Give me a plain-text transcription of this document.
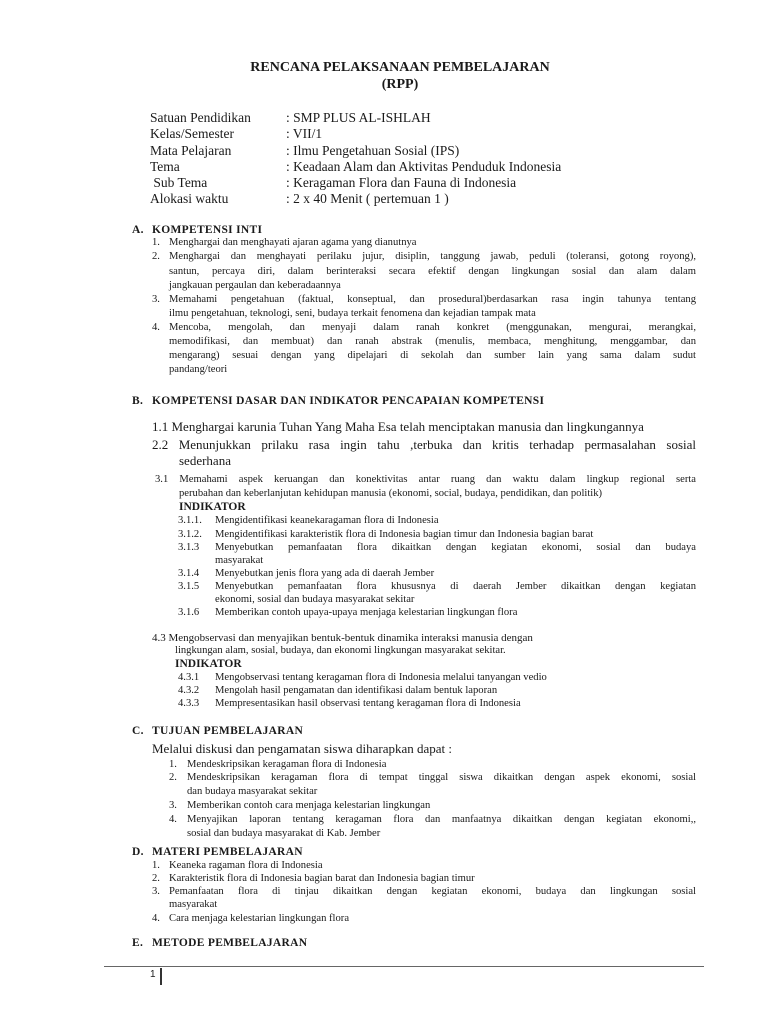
RENCANA PELAKSANAAN PEMBELAJARAN
(RPP)
Satuan Pendidikan	: SMP PLUS AL-ISHLAH
Kelas/Semester	: VII/1
Mata Pelajaran	: Ilmu Pengetahuan Sosial (IPS)
Tema	: Keadaan Alam dan Aktivitas Penduduk Indonesia
Sub Tema	: Keragaman Flora dan Fauna di Indonesia
Alokasi waktu	: 2 x 40 Menit ( pertemuan 1 )
A. KOMPETENSI INTI
1. Menghargai dan menghayati ajaran agama yang dianutnya
2. Menghargai dan menghayati perilaku jujur, disiplin, tanggung jawab, peduli (toleransi, gotong royong),
santun, percaya diri, dalam berinteraksi secara efektif dengan lingkungan sosial dan alam dalam
jangkauan pergaulan dan keberadaannya
3. Memahami pengetahuan (faktual, konseptual, dan prosedural)berdasarkan rasa ingin tahunya tentang
ilmu pengetahuan, teknologi, seni, budaya terkait fenomena dan kejadian tampak mata
4. Mencoba, mengolah, dan menyaji dalam ranah konkret (menggunakan, mengurai, merangkai,
memodifikasi, dan membuat) dan ranah abstrak (menulis, membaca, menghitung, menggambar, dan
mengarang) sesuai dengan yang dipelajari di sekolah dan sumber lain yang sama dalam sudut
pandang/teori
B. KOMPETENSI DASAR DAN INDIKATOR PENCAPAIAN KOMPETENSI
1.1 Menghargai karunia Tuhan Yang Maha Esa telah menciptakan manusia dan lingkungannya
2.2 Menunjukkan prilaku rasa ingin tahu ,terbuka dan kritis terhadap permasalahan sosial
sederhana
3.1 Memahami aspek keruangan dan konektivitas antar ruang dan waktu dalam lingkup regional serta
perubahan dan keberlanjutan kehidupan manusia (ekonomi, social, budaya, pendidikan, dan politik)
INDIKATOR
3.1.1. Mengidentifikasi keanekaragaman flora di Indonesia
3.1.2. Mengidentifikasi karakteristik flora di Indonesia bagian timur dan Indonesia bagian barat
3.1.3 Menyebutkan pemanfaatan flora dikaitkan dengan kegiatan ekonomi, sosial dan budaya
masyarakat
3.1.4 Menyebutkan jenis flora yang ada di daerah Jember
3.1.5 Menyebutkan pemanfaatan flora khususnya di daerah Jember dikaitkan dengan kegiatan
ekonomi, sosial dan budaya masyarakat sekitar
3.1.6 Memberikan contoh upaya-upaya menjaga kelestarian lingkungan flora
4.3 Mengobservasi dan menyajikan bentuk-bentuk dinamika interaksi manusia dengan
lingkungan alam, sosial, budaya, dan ekonomi lingkungan masyarakat sekitar.
INDIKATOR
4.3.1 Mengobservasi tentang keragaman flora di Indonesia melalui tanyangan vedio
4.3.2 Mengolah hasil pengamatan dan identifikasi dalam bentuk laporan
4.3.3 Mempresentasikan hasil observasi tentang keragaman flora di Indonesia
C. TUJUAN PEMBELAJARAN
Melalui diskusi dan pengamatan siswa diharapkan dapat :
1. Mendeskripsikan keragaman flora di Indonesia
2. Mendeskripsikan keragaman flora di tempat tinggal siswa dikaitkan dengan aspek ekonomi, sosial
dan budaya masyarakat sekitar
3. Memberikan contoh cara menjaga kelestarian lingkungan
4. Menyajikan laporan tentang keragaman flora dan manfaatnya dikaitkan dengan kegiatan ekonomi,,
sosial dan budaya masyarakat di Kab. Jember
D. MATERI PEMBELAJARAN
1. Keaneka ragaman flora di Indonesia
2. Karakteristik flora di Indonesia bagian barat dan Indonesia bagian timur
3. Pemanfaatan flora di tinjau dikaitkan dengan kegiatan ekonomi, budaya dan lingkungan sosial
masyarakat
4. Cara menjaga kelestarian lingkungan flora
E. METODE PEMBELAJARAN
1
